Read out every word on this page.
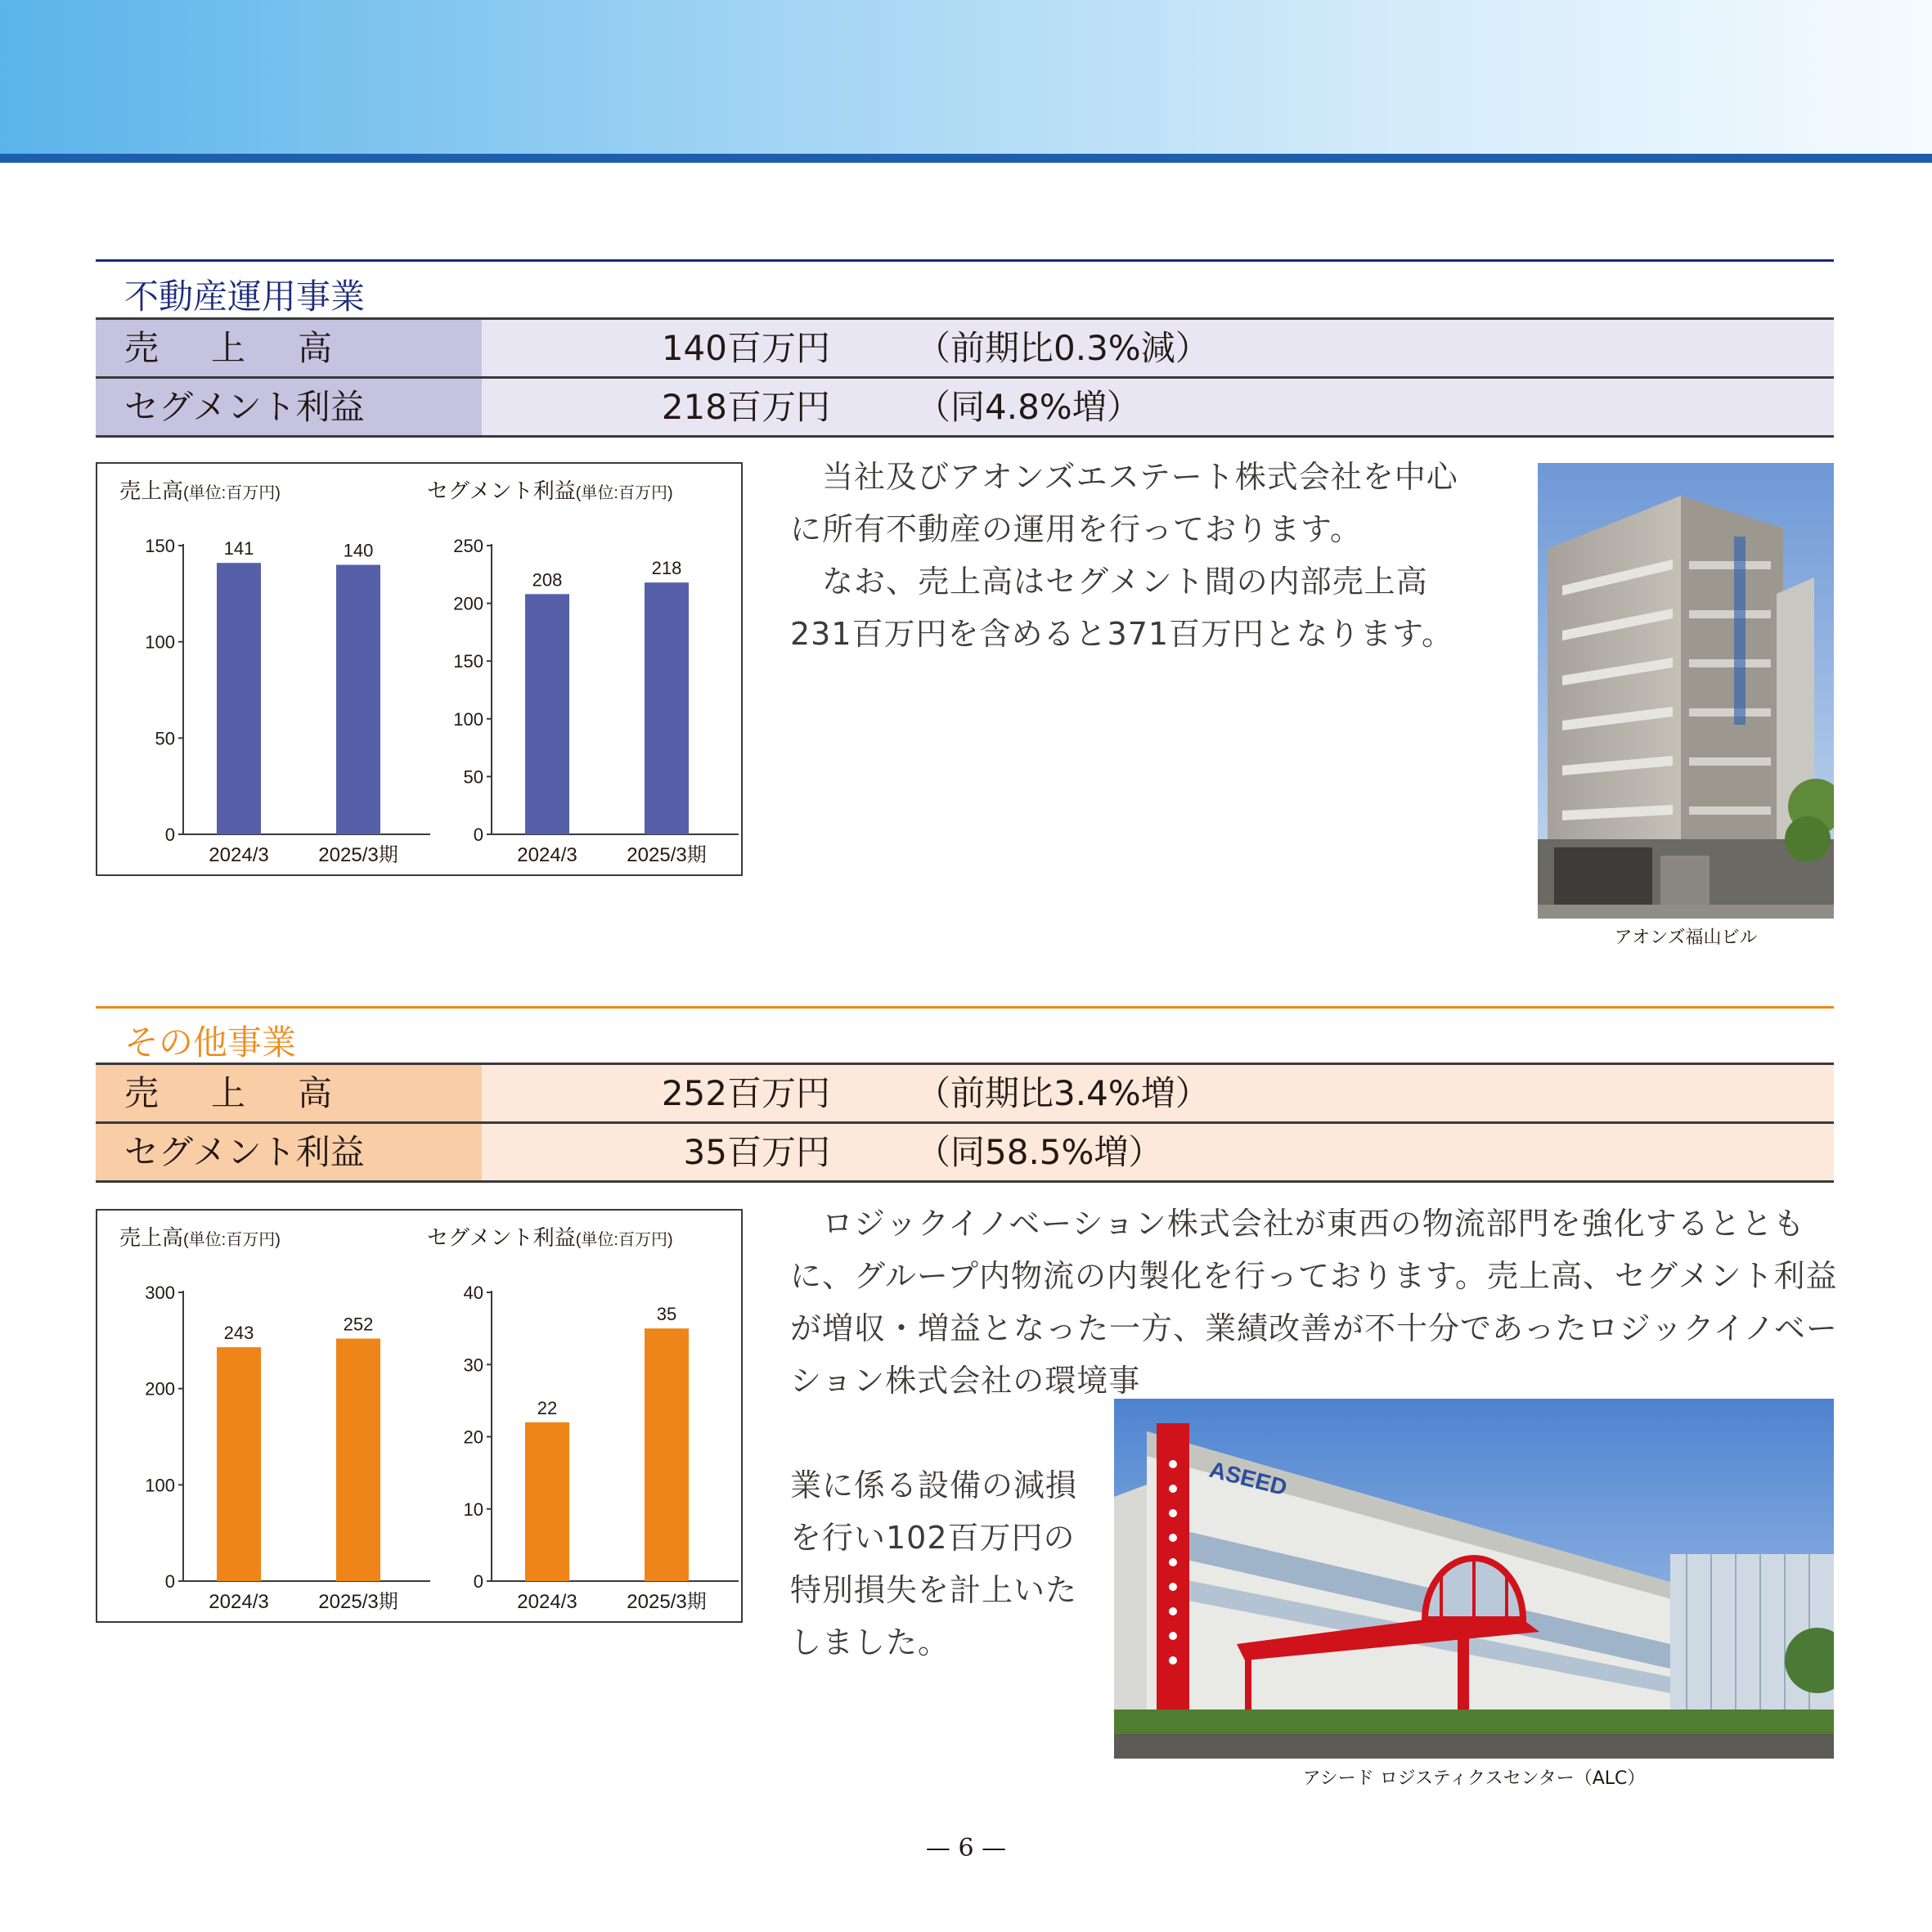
不動産運用事業
売上高	140百万円	（前期比0.3%減）
セグメント利益	218百万円	（同4.8%増）
売上高(単位:百万円)
0
50
100
150	141
2024/3
140
2025/3期
セグメント利益(単位:百万円)
0
50
100
150
200
250
208
2024/3
218
2025/3期

　当社及びアオンズエステート株式会社を中心に所有不動産の運用を行っております。

　なお、売上高はセグメント間の内部売上高231百万円を含めると371百万円となります。

アオンズ福山ビル
その他事業
売上高	252百万円	（前期比3.4%増）
セグメント利益	35百万円	（同58.5%増）
売上高(単位:百万円)
0
100
200
300
243
2024/3
252
2025/3期
セグメント利益(単位:百万円)
0
10
20
30
40
22
2024/3
35
2025/3期

　ロジックイノベーション株式会社が東西の物流部門を強化するとともに、グループ内物流の内製化を行っております。売上高、セグメント利益が増収・増益となった一方、業績改善が不十分であったロジックイノベーション株式会社の環境事

業に係る設備の減損を行い102百万円の特別損失を計上いたしました。

ASEED
アシード ロジスティクスセンター（ALC）
— 6 —
